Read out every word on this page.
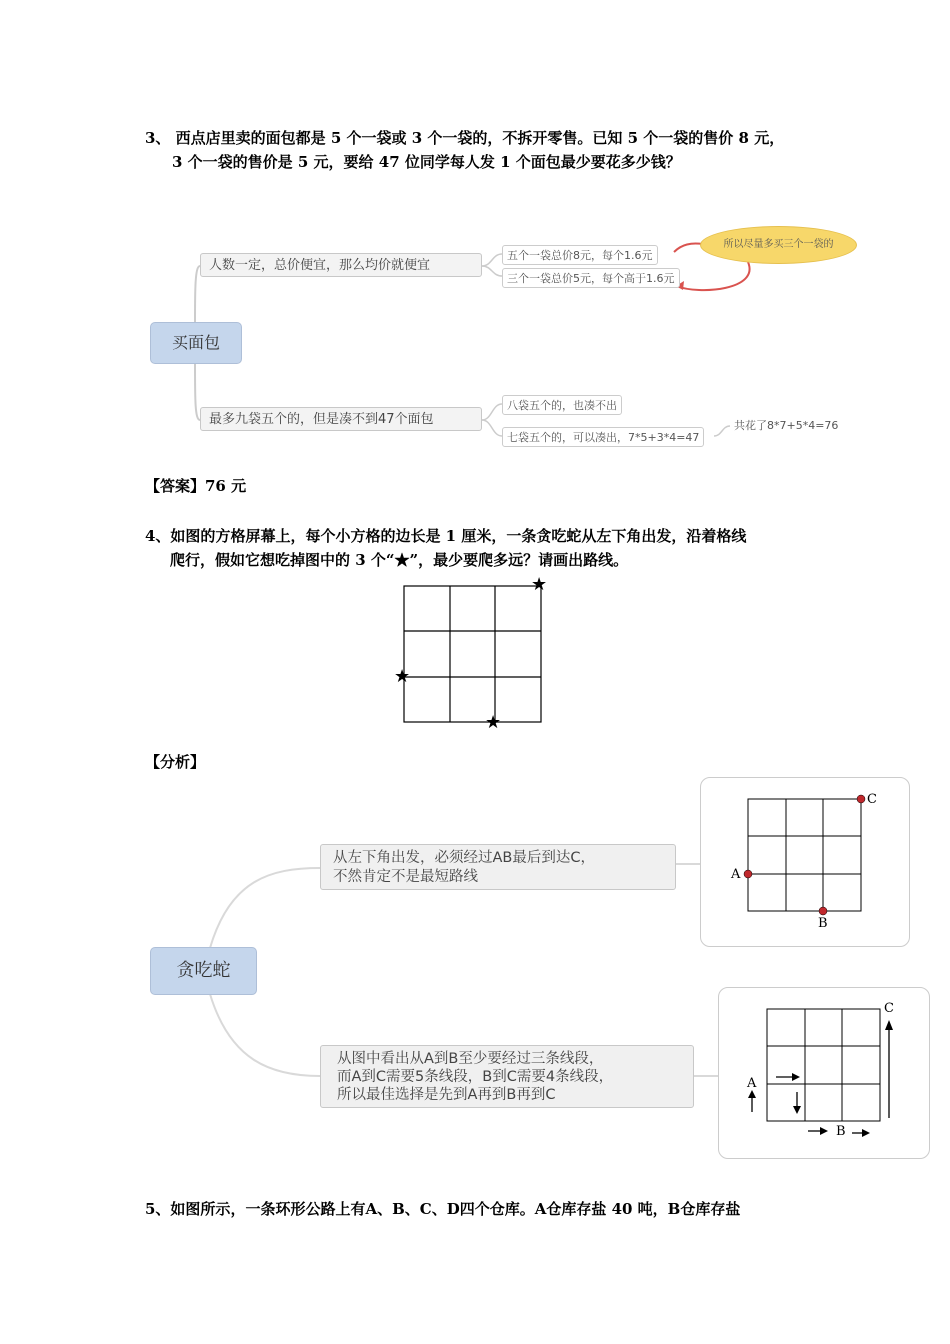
3、 西点店里卖的面包都是 5 个一袋或 3 个一袋的，不拆开零售。已知 5 个一袋的售价 8 元，
3 个一袋的售价是 5 元，要给 47 位同学每人发 1 个面包最少要花多少钱？
买面包
人数一定，总价便宜，那么均价就便宜
五个一袋总价8元，每个1.6元
三个一袋总价5元，每个高于1.6元
所以尽量多买三个一袋的
最多九袋五个的，但是凑不到47个面包
八袋五个的，也凑不出
七袋五个的，可以凑出，7*5+3*4=47
共花了8*7+5*4=76
【答案】76 元
4、如图的方格屏幕上，每个小方格的边长是 1 厘米，一条贪吃蛇从左下角出发，沿着格线
爬行，假如它想吃掉图中的 3 个“★”，最少要爬多远？请画出路线。
★
★
★
【分析】
贪吃蛇
从左下角出发，必须经过AB最后到达C，
不然肯定不是最短路线
从图中看出从A到B至少要经过三条线段，
而A到C需要5条线段，B到C需要4条线段，
所以最佳选择是先到A再到B再到C
C
A
B
A
B
C
5、如图所示，一条环形公路上有A、B、C、D四个仓库。A仓库存盐 40 吨，B仓库存盐
